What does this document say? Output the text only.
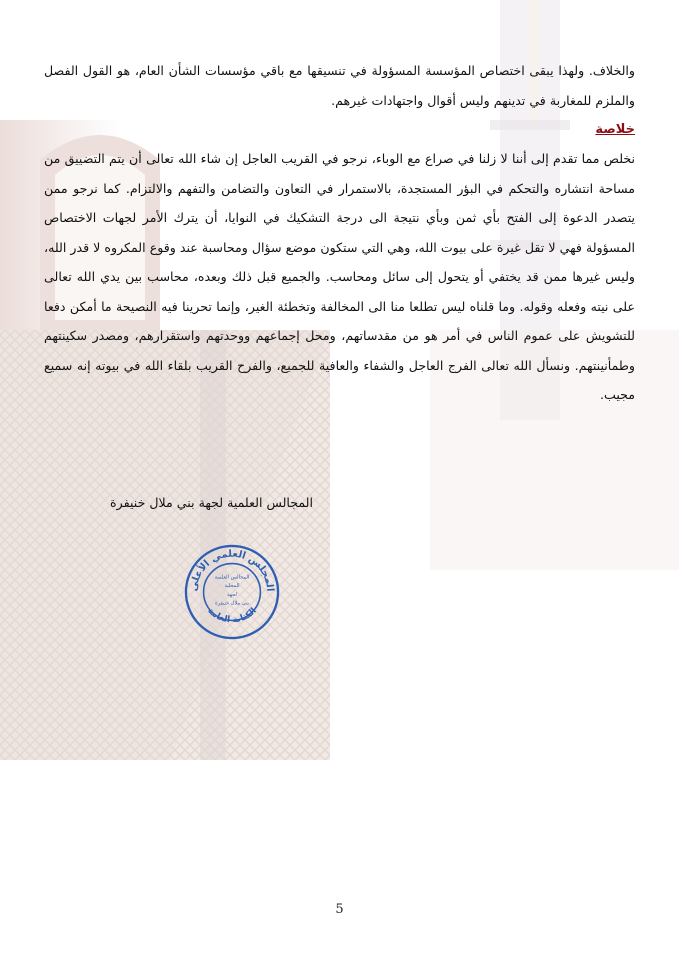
والخلاف. ولهذا يبقى اختصاص المؤسسة المسؤولة في تنسيقها مع باقي مؤسسات الشأن العام، هو القول الفصل والملزم للمغاربة في تدينهم وليس أقوال واجتهادات غيرهم.

خلاصة

نخلص مما تقدم إلى أننا لا زلنا في صراع مع الوباء، نرجو في القريب العاجل إن شاء الله تعالى أن يتم التضييق من مساحة انتشاره والتحكم في البؤر المستجدة، بالاستمرار في التعاون والتضامن والتفهم والالتزام. كما نرجو ممن يتصدر الدعوة إلى الفتح بأي ثمن وبأي نتيجة الى درجة التشكيك في النوايا، أن يترك الأمر لجهات الاختصاص المسؤولة فهي لا تقل غيرة على بيوت الله، وهي التي ستكون موضع سؤال ومحاسبة عند وقوع المكروه لا قدر الله، وليس غيرها ممن قد يختفي أو يتحول إلى سائل ومحاسب. والجميع قبل ذلك وبعده، محاسب بين يدي الله تعالى على نيته وفعله وقوله. وما قلناه ليس تطلعا منا الى المخالفة وتخطئة الغير، وإنما تحرينا فيه النصيحة ما أمكن دفعا للتشويش على عموم الناس في أمر هو من مقدساتهم، ومحل إجماعهم ووحدتهم واستقرارهم، ومصدر سكينتهم وطمأنينتهم. ونسأل الله تعالى الفرج العاجل والشفاء والعافية للجميع، والفرح القريب بلقاء الله في بيوته إنه سميع مجيب.

المجالس العلمية لجهة بني ملال خنيفرة
المجلس العلمي الأعلى
الكتابة العامة
المجالس العلمية
المحلية
لجهة
بني ملال خنيفرة
5
